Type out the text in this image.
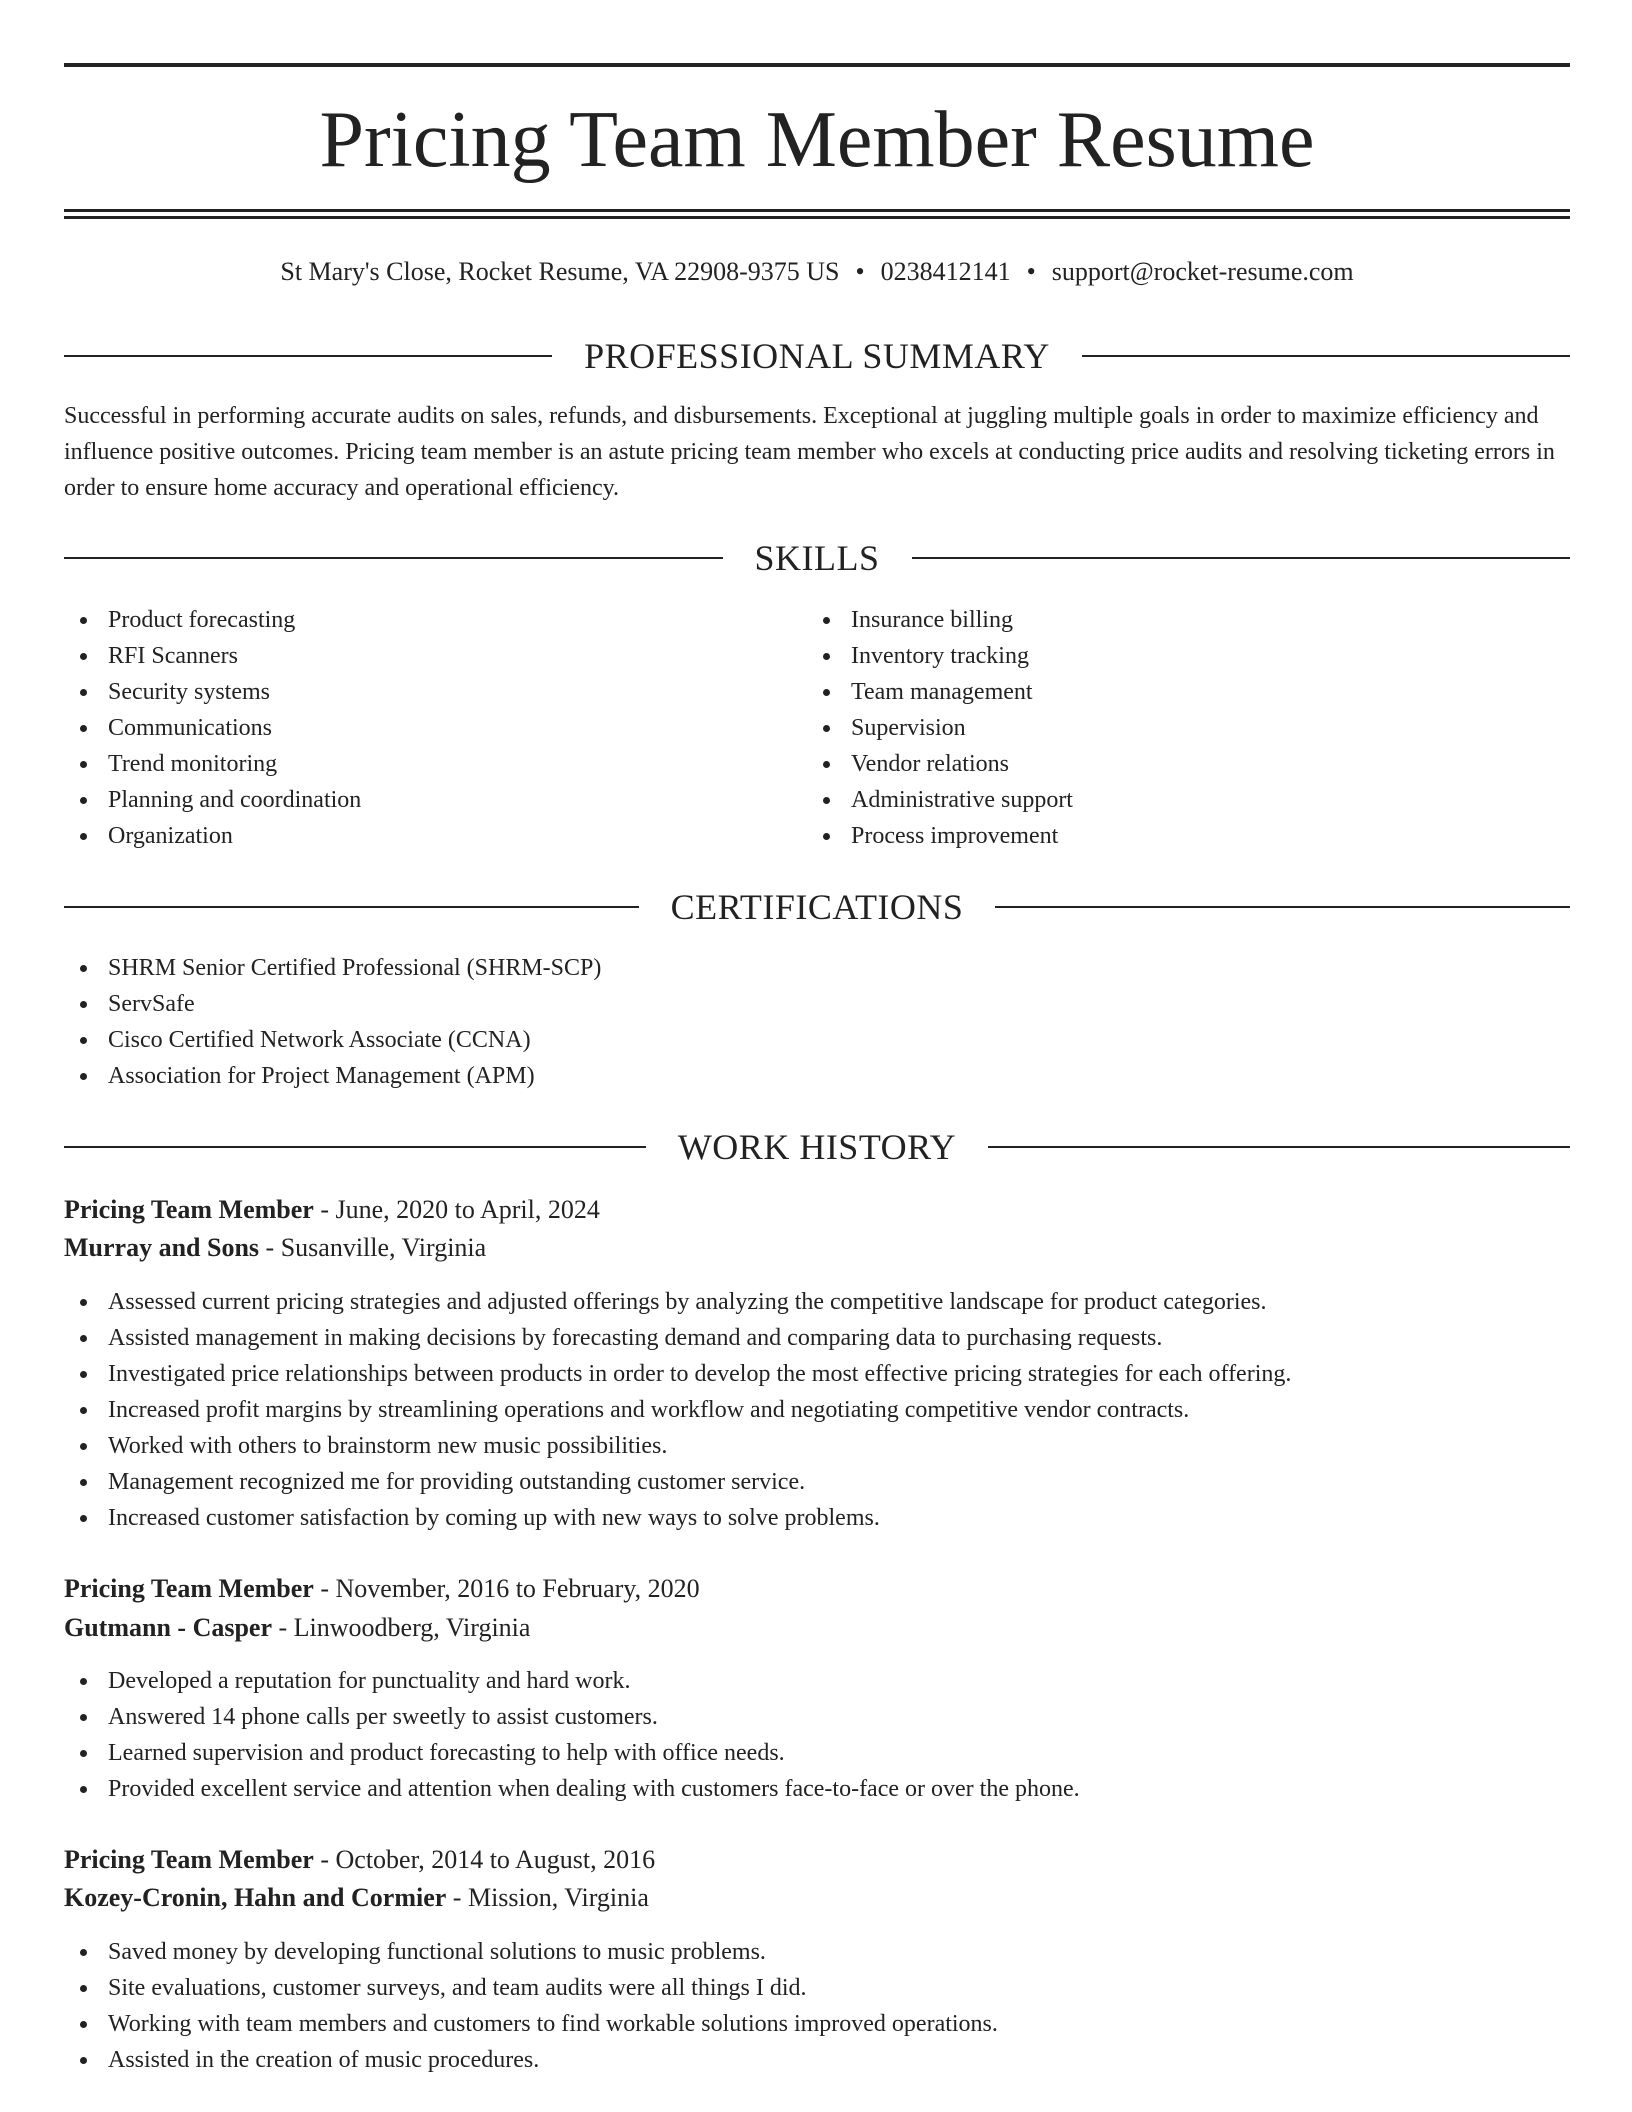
Pricing Team Member Resume
St Mary's Close, Rocket Resume, VA 22908-9375 US • 0238412141 • support@rocket-resume.com
PROFESSIONAL SUMMARY

Successful in performing accurate audits on sales, refunds, and disbursements. Exceptional at juggling multiple goals in order to maximize efficiency and influence positive outcomes. Pricing team member is an astute pricing team member who excels at conducting price audits and resolving ticketing errors in order to ensure home accuracy and operational efficiency.

SKILLS
Product forecasting
RFI Scanners
Security systems
Communications
Trend monitoring
Planning and coordination
Organization
Insurance billing
Inventory tracking
Team management
Supervision
Vendor relations
Administrative support
Process improvement
CERTIFICATIONS
SHRM Senior Certified Professional (SHRM-SCP)
ServSafe
Cisco Certified Network Associate (CCNA)
Association for Project Management (APM)
WORK HISTORY
Pricing Team Member - June, 2020 to April, 2024
Murray and Sons - Susanville, Virginia
Assessed current pricing strategies and adjusted offerings by analyzing the competitive landscape for product categories.
Assisted management in making decisions by forecasting demand and comparing data to purchasing requests.
Investigated price relationships between products in order to develop the most effective pricing strategies for each offering.
Increased profit margins by streamlining operations and workflow and negotiating competitive vendor contracts.
Worked with others to brainstorm new music possibilities.
Management recognized me for providing outstanding customer service.
Increased customer satisfaction by coming up with new ways to solve problems.
Pricing Team Member - November, 2016 to February, 2020
Gutmann - Casper - Linwoodberg, Virginia
Developed a reputation for punctuality and hard work.
Answered 14 phone calls per sweetly to assist customers.
Learned supervision and product forecasting to help with office needs.
Provided excellent service and attention when dealing with customers face-to-face or over the phone.
Pricing Team Member - October, 2014 to August, 2016
Kozey-Cronin, Hahn and Cormier - Mission, Virginia
Saved money by developing functional solutions to music problems.
Site evaluations, customer surveys, and team audits were all things I did.
Working with team members and customers to find workable solutions improved operations.
Assisted in the creation of music procedures.
